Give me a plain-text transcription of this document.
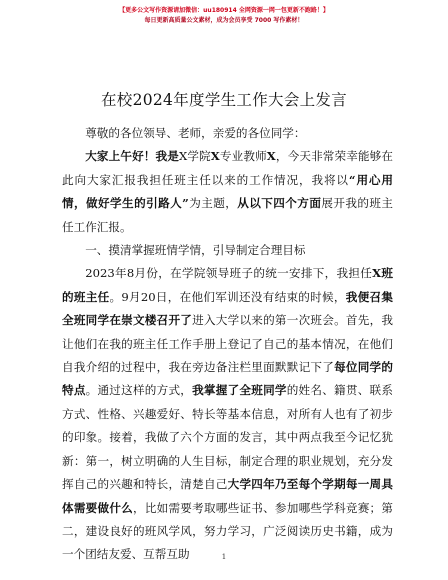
【更多公文写作资源请加微信：uu180914 全网资源一网一包更新不跑路！】
每日更新高质量公文素材，成为会员享受 7000 写作素材！
在校2024年度学生工作大会上发言

尊敬的各位领导、老师，亲爱的各位同学：

大家上午好！我是X学院X专业教师X，今天非常荣幸能够在此向大家汇报我担任班主任以来的工作情况，我将以“用心用情，做好学生的引路人”为主题，从以下四个方面展开我的班主任工作汇报。

一、摸清掌握班情学情，引导制定合理目标

2023年8月份，在学院领导班子的统一安排下，我担任X班的班主任。9月20日，在他们军训还没有结束的时候，我便召集全班同学在崇文楼召开了进入大学以来的第一次班会。首先，我让他们在我的班主任工作手册上登记了自己的基本情况，在他们自我介绍的过程中，我在旁边备注栏里面默默记下了每位同学的特点。通过这样的方式，我掌握了全班同学的姓名、籍贯、联系方式、性格、兴趣爱好、特长等基本信息，对所有人也有了初步的印象。接着，我做了六个方面的发言，其中两点我至今记忆犹新：第一，树立明确的人生目标，制定合理的职业规划，充分发挥自己的兴趣和特长，清楚自己大学四年乃至每个学期每一周具体需要做什么，比如需要考取哪些证书、参加哪些学科竞赛；第二，建设良好的班风学风，努力学习，广泛阅读历史书籍，成为一个团结友爱、互帮互助	1
